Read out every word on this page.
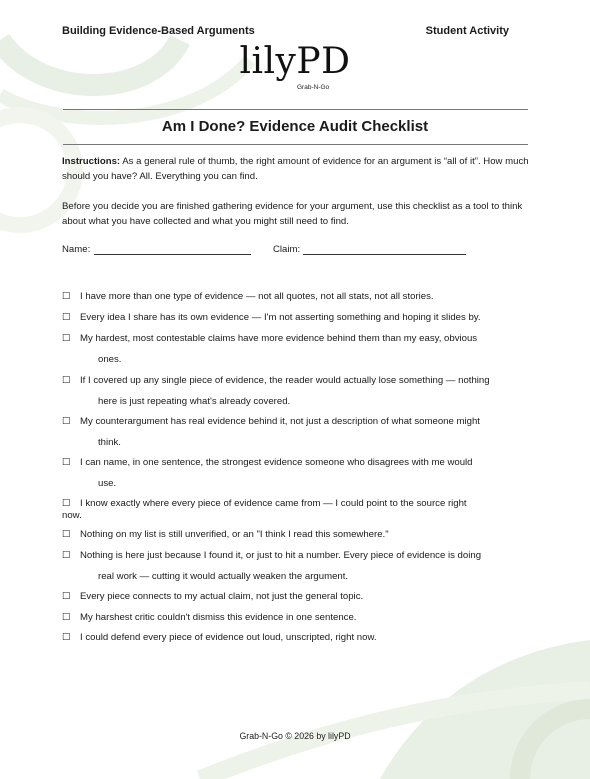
Building Evidence-Based Arguments	Student Activity

lilyPD
Grab-N-Go
Am I Done? Evidence Audit Checklist

Instructions: As a general rule of thumb, the right amount of evidence for an argument is “all of it”. How much should you have? All. Everything you can find.

Before you decide you are finished gathering evidence for your argument, use this checklist as a tool to think about what you have collected and what you might still need to find.

Name:	Claim:
☐ I have more than one type of evidence — not all quotes, not all stats, not all stories.
☐ Every idea I share has its own evidence — I'm not asserting something and hoping it slides by.
☐ My hardest, most contestable claims have more evidence behind them than my easy, obvious
ones.
☐ If I covered up any single piece of evidence, the reader would actually lose something — nothing
here is just repeating what's already covered.
☐ My counterargument has real evidence behind it, not just a description of what someone might
think.
☐ I can name, in one sentence, the strongest evidence someone who disagrees with me would
use.
☐ I know exactly where every piece of evidence came from — I could point to the source right
now.
☐ Nothing on my list is still unverified, or an "I think I read this somewhere."
☐ Nothing is here just because I found it, or just to hit a number. Every piece of evidence is doing
real work — cutting it would actually weaken the argument.
☐ Every piece connects to my actual claim, not just the general topic.
☐ My harshest critic couldn't dismiss this evidence in one sentence.
☐ I could defend every piece of evidence out loud, unscripted, right now.
Grab-N-Go © 2026 by lilyPD
